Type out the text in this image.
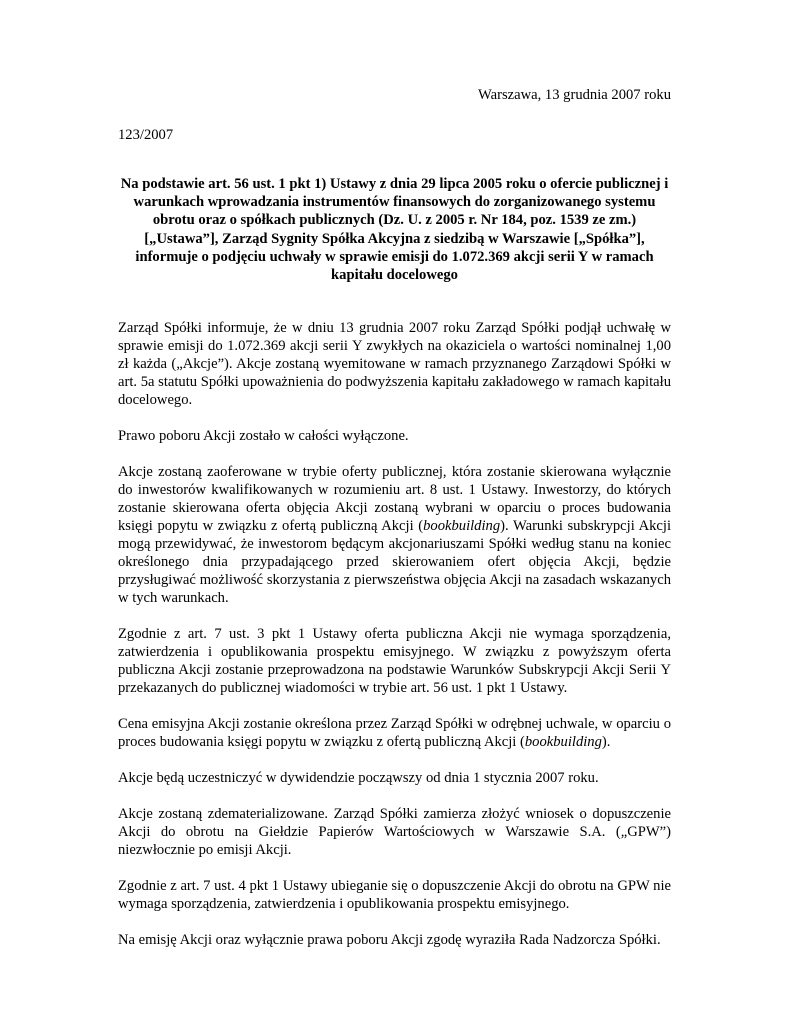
Warszawa, 13 grudnia 2007 roku

123/2007

Na podstawie art. 56 ust. 1 pkt 1) Ustawy z dnia 29 lipca 2005 roku o ofercie publicznej i warunkach wprowadzania instrumentów finansowych do zorganizowanego systemu obrotu oraz o spółkach publicznych (Dz. U. z 2005 r. Nr 184, poz. 1539 ze zm.) [„Ustawa”], Zarząd Sygnity Spółka Akcyjna z siedzibą w Warszawie [„Spółka”], informuje o podjęciu uchwały w sprawie emisji do 1.072.369 akcji serii Y w ramach kapitału docelowego

Zarząd Spółki informuje, że w dniu 13 grudnia 2007 roku Zarząd Spółki podjął uchwałę w sprawie emisji do 1.072.369 akcji serii Y zwykłych na okaziciela o wartości nominalnej 1,00 zł każda („Akcje”). Akcje zostaną wyemitowane w ramach przyznanego Zarządowi Spółki w art. 5a statutu Spółki upoważnienia do podwyższenia kapitału zakładowego w ramach kapitału docelowego.

Prawo poboru Akcji zostało w całości wyłączone.

Akcje zostaną zaoferowane w trybie oferty publicznej, która zostanie skierowana wyłącznie do inwestorów kwalifikowanych w rozumieniu art. 8 ust. 1 Ustawy. Inwestorzy, do których zostanie skierowana oferta objęcia Akcji zostaną wybrani w oparciu o proces budowania księgi popytu w związku z ofertą publiczną Akcji (bookbuilding). Warunki subskrypcji Akcji mogą przewidywać, że inwestorom będącym akcjonariuszami Spółki według stanu na koniec określonego dnia przypadającego przed skierowaniem ofert objęcia Akcji, będzie przysługiwać możliwość skorzystania z pierwszeństwa objęcia Akcji na zasadach wskazanych w tych warunkach.

Zgodnie z art. 7 ust. 3 pkt 1 Ustawy oferta publiczna Akcji nie wymaga sporządzenia, zatwierdzenia i opublikowania prospektu emisyjnego. W związku z powyższym oferta publiczna Akcji zostanie przeprowadzona na podstawie Warunków Subskrypcji Akcji Serii Y przekazanych do publicznej wiadomości w trybie art. 56 ust. 1 pkt 1 Ustawy.

Cena emisyjna Akcji zostanie określona przez Zarząd Spółki w odrębnej uchwale, w oparciu o proces budowania księgi popytu w związku z ofertą publiczną Akcji (bookbuilding).

Akcje będą uczestniczyć w dywidendzie począwszy od dnia 1 stycznia 2007 roku.

Akcje zostaną zdematerializowane. Zarząd Spółki zamierza złożyć wniosek o dopuszczenie Akcji do obrotu na Giełdzie Papierów Wartościowych w Warszawie S.A. („GPW”) niezwłocznie po emisji Akcji.

Zgodnie z art. 7 ust. 4 pkt 1 Ustawy ubieganie się o dopuszczenie Akcji do obrotu na GPW nie wymaga sporządzenia, zatwierdzenia i opublikowania prospektu emisyjnego.

Na emisję Akcji oraz wyłącznie prawa poboru Akcji zgodę wyraziła Rada Nadzorcza Spółki.
